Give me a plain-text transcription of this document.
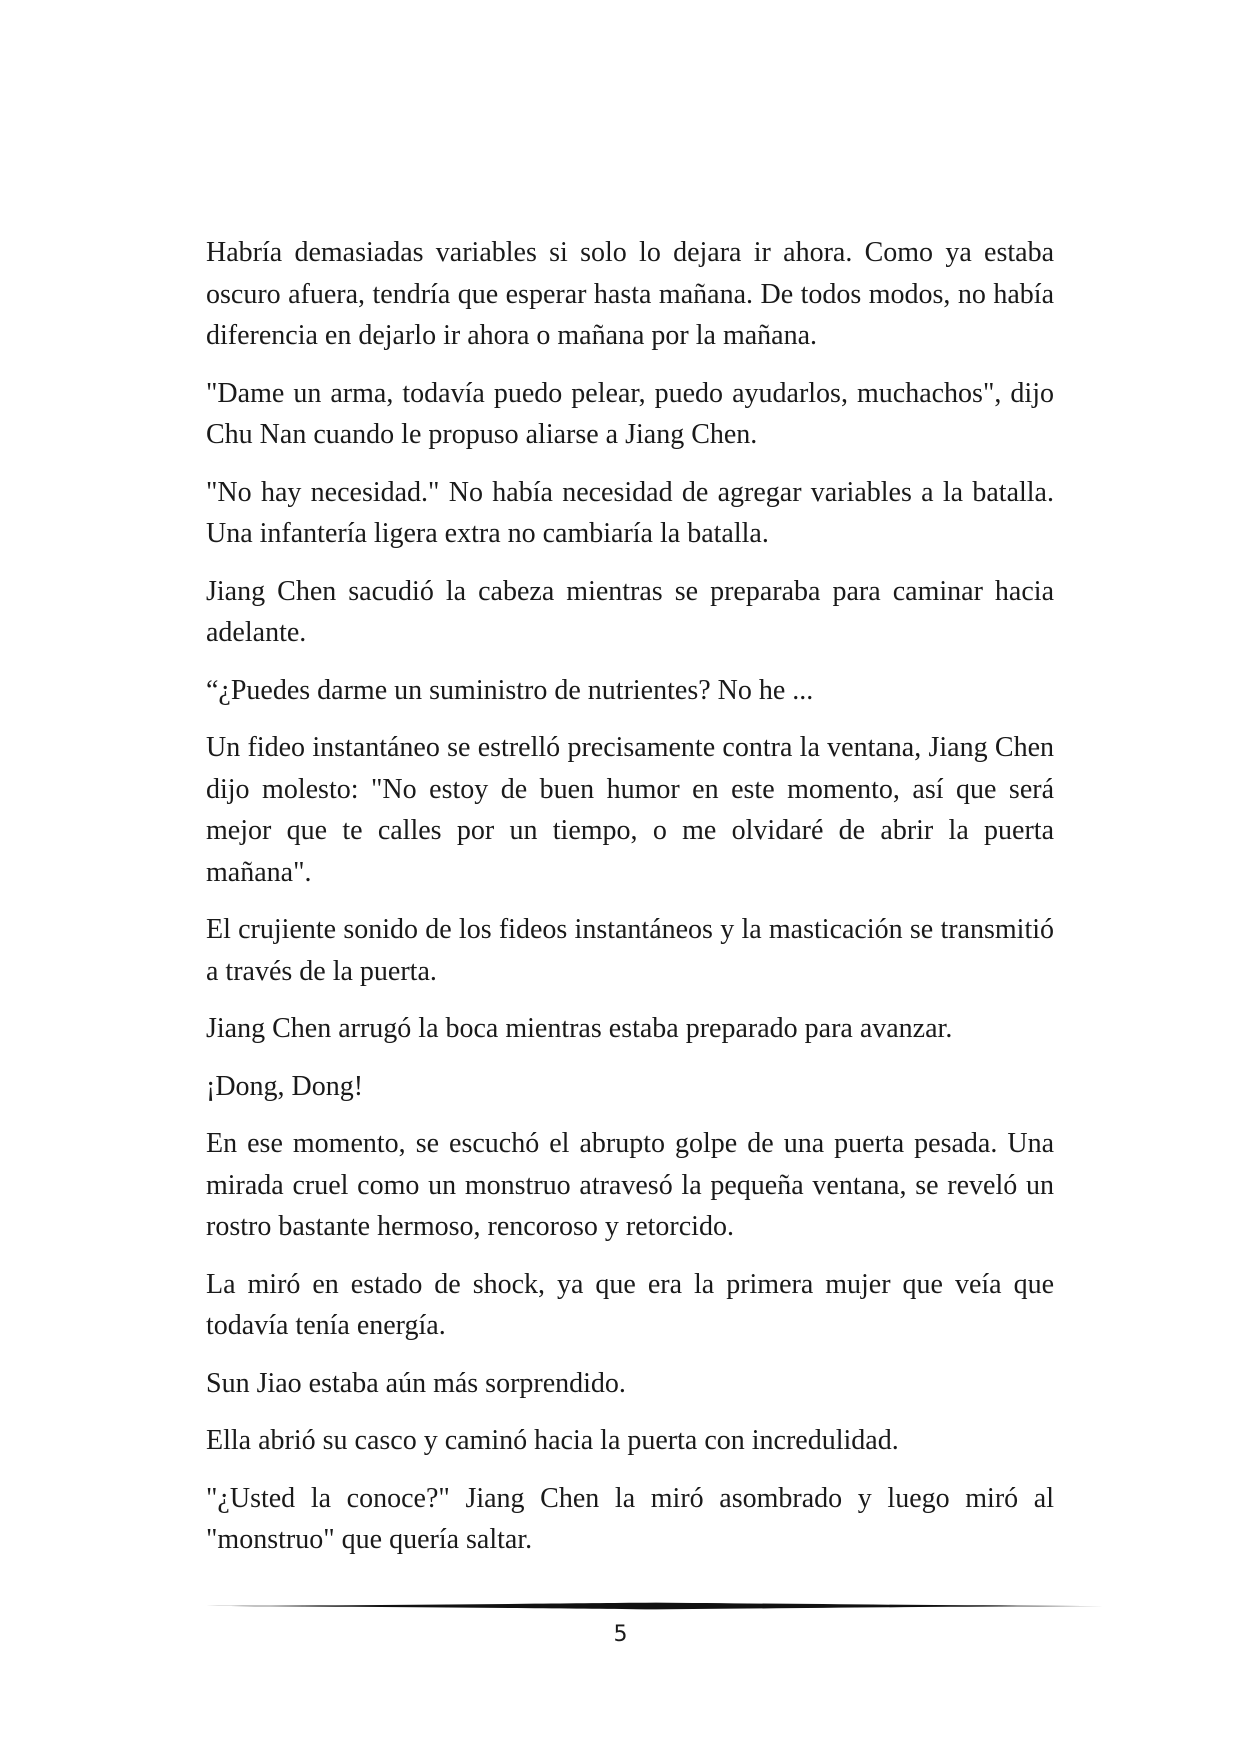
Habría demasiadas variables si solo lo dejara ir ahora. Como ya estaba oscuro afuera, tendría que esperar hasta mañana. De todos modos, no había diferencia en dejarlo ir ahora o mañana por la mañana.

"Dame un arma, todavía puedo pelear, puedo ayudarlos, muchachos", dijo Chu Nan cuando le propuso aliarse a Jiang Chen.

"No hay necesidad." No había necesidad de agregar variables a la batalla. Una infantería ligera extra no cambiaría la batalla.

Jiang Chen sacudió la cabeza mientras se preparaba para caminar hacia adelante.

“¿Puedes darme un suministro de nutrientes? No he ...

Un fideo instantáneo se estrelló precisamente contra la ventana, Jiang Chen dijo molesto: "No estoy de buen humor en este momento, así que será mejor que te calles por un tiempo, o me olvidaré de abrir la puerta mañana".

El crujiente sonido de los fideos instantáneos y la masticación se transmitió a través de la puerta.

Jiang Chen arrugó la boca mientras estaba preparado para avanzar.

¡Dong, Dong!

En ese momento, se escuchó el abrupto golpe de una puerta pesada. Una mirada cruel como un monstruo atravesó la pequeña ventana, se reveló un rostro bastante hermoso, rencoroso y retorcido.

La miró en estado de shock, ya que era la primera mujer que veía que todavía tenía energía.

Sun Jiao estaba aún más sorprendido.

Ella abrió su casco y caminó hacia la puerta con incredulidad.

"¿Usted la conoce?" Jiang Chen la miró asombrado y luego miró al "monstruo" que quería saltar.

5
